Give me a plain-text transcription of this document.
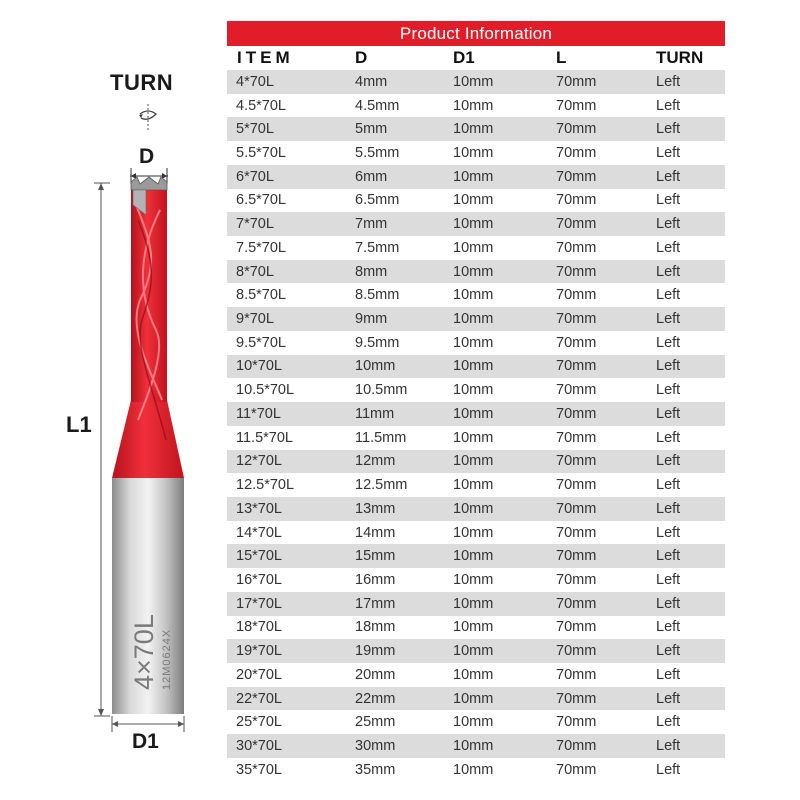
4×70L 12M0624X
TURN
D
L1
D1
Product Information
ITEM	D	D1	L	TURN
4*70L	4mm	10mm	70mm	Left
4.5*70L	4.5mm	10mm	70mm	Left
5*70L	5mm	10mm	70mm	Left
5.5*70L	5.5mm	10mm	70mm	Left
6*70L	6mm	10mm	70mm	Left
6.5*70L	6.5mm	10mm	70mm	Left
7*70L	7mm	10mm	70mm	Left
7.5*70L	7.5mm	10mm	70mm	Left
8*70L	8mm	10mm	70mm	Left
8.5*70L	8.5mm	10mm	70mm	Left
9*70L	9mm	10mm	70mm	Left
9.5*70L	9.5mm	10mm	70mm	Left
10*70L	10mm	10mm	70mm	Left
10.5*70L	10.5mm	10mm	70mm	Left
11*70L	11mm	10mm	70mm	Left
11.5*70L	11.5mm	10mm	70mm	Left
12*70L	12mm	10mm	70mm	Left
12.5*70L	12.5mm	10mm	70mm	Left
13*70L	13mm	10mm	70mm	Left
14*70L	14mm	10mm	70mm	Left
15*70L	15mm	10mm	70mm	Left
16*70L	16mm	10mm	70mm	Left
17*70L	17mm	10mm	70mm	Left
18*70L	18mm	10mm	70mm	Left
19*70L	19mm	10mm	70mm	Left
20*70L	20mm	10mm	70mm	Left
22*70L	22mm	10mm	70mm	Left
25*70L	25mm	10mm	70mm	Left
30*70L	30mm	10mm	70mm	Left
35*70L	35mm	10mm	70mm	Left
